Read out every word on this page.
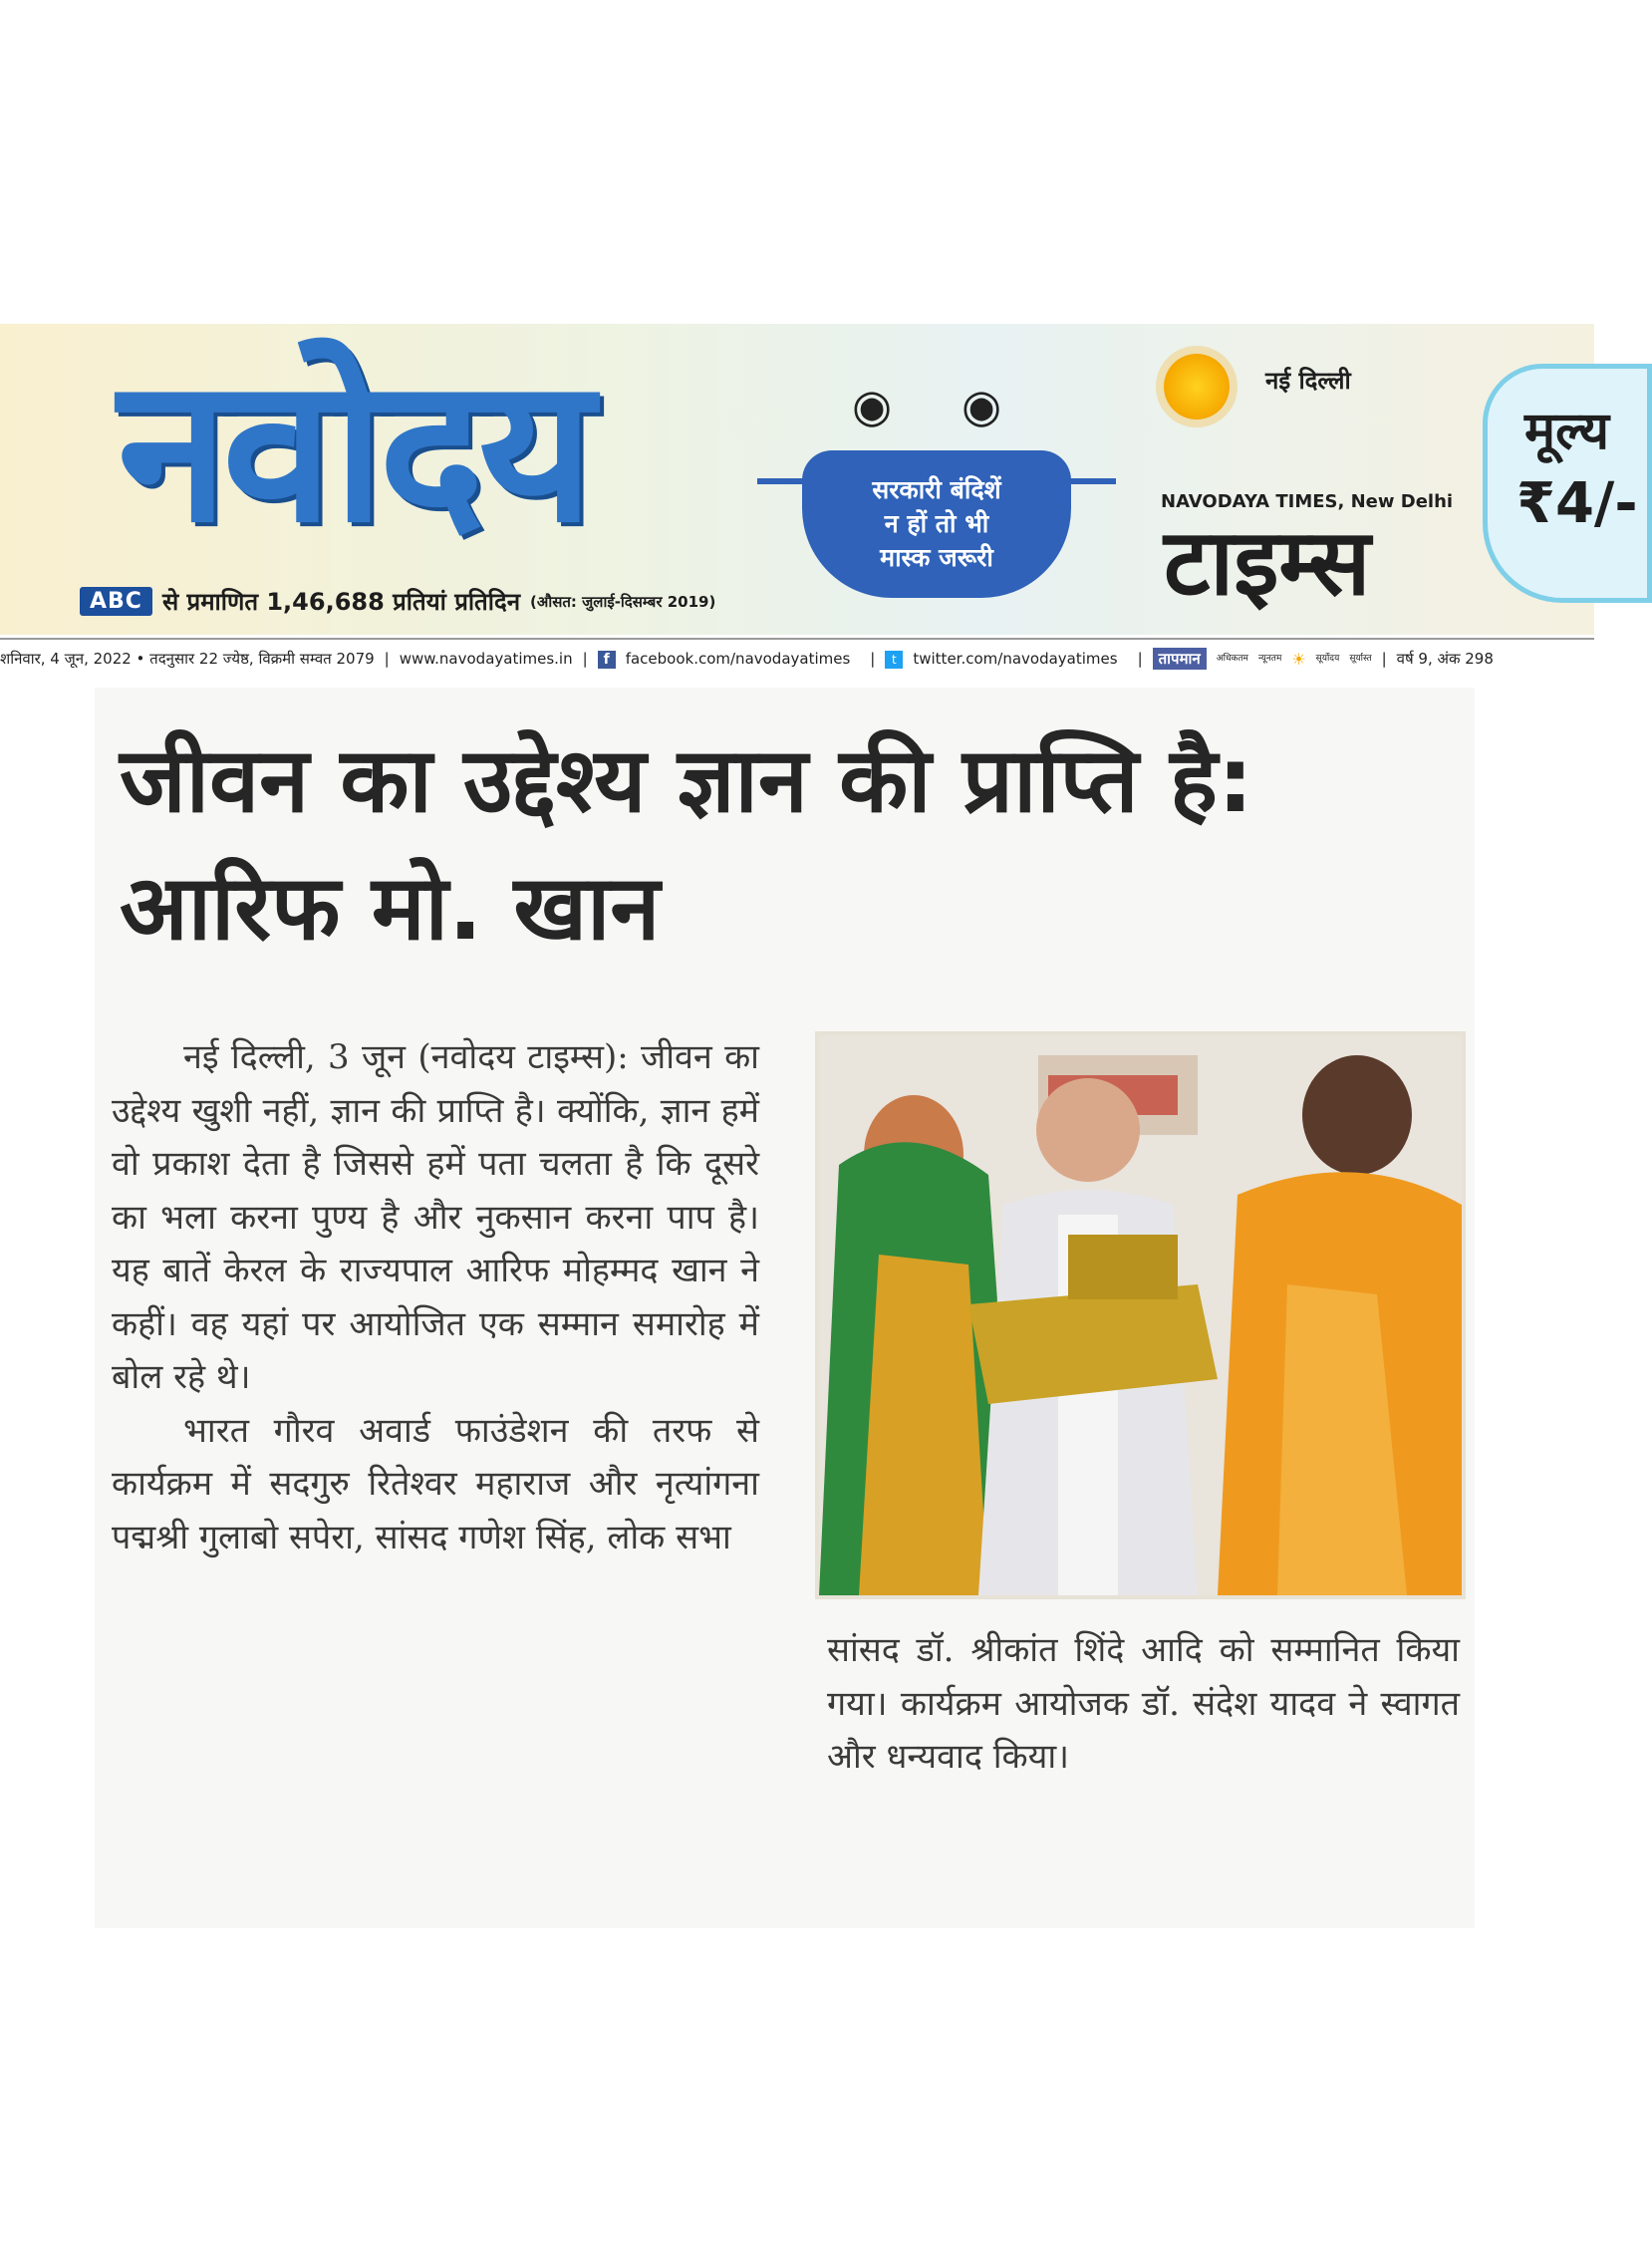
नवोदय
ABC से प्रमाणित 1,46,688 प्रतियां प्रतिदिन (औसत: जुलाई-दिसम्बर 2019)
◉ ◉
सरकारी बंदिशें
न हों तो भी
मास्क जरूरी
नई दिल्ली
NAVODAYA TIMES, New Delhi
टाइम्स
मूल्य
₹4/-
शनिवार, 4 जून, 2022 • तदनुसार 22 ज्येष्ठ, विक्रमी सम्वत 2079 | www.navodayatimes.in |	f facebook.com/navodayatimes	|	t twitter.com/navodayatimes	|	तापमान	अधिकतम न्यूनतम ☀ सूर्योदय सूर्यास्त | वर्ष 9, अंक 298
जीवन का उद्देश्य ज्ञान की प्राप्ति है: आरिफ मो. खान

नई दिल्ली, 3 जून (नवोदय टाइम्स): जीवन का उद्देश्य खुशी नहीं, ज्ञान की प्राप्ति है। क्योंकि, ज्ञान हमें वो प्रकाश देता है जिससे हमें पता चलता है कि दूसरे का भला करना पुण्य है और नुकसान करना पाप है। यह बातें केरल के राज्यपाल आरिफ मोहम्मद खान ने कहीं। वह यहां पर आयोजित एक सम्मान समारोह में बोल रहे थे।

भारत गौरव अवार्ड फाउंडेशन की तरफ से कार्यक्रम में सदगुरु रितेश्वर महाराज और नृत्यांगना पद्मश्री गुलाबो सपेरा, सांसद गणेश सिंह, लोक सभा

सांसद डॉ. श्रीकांत शिंदे आदि को सम्मानित किया गया। कार्यक्रम आयोजक डॉ. संदेश यादव ने स्वागत और धन्यवाद किया।
